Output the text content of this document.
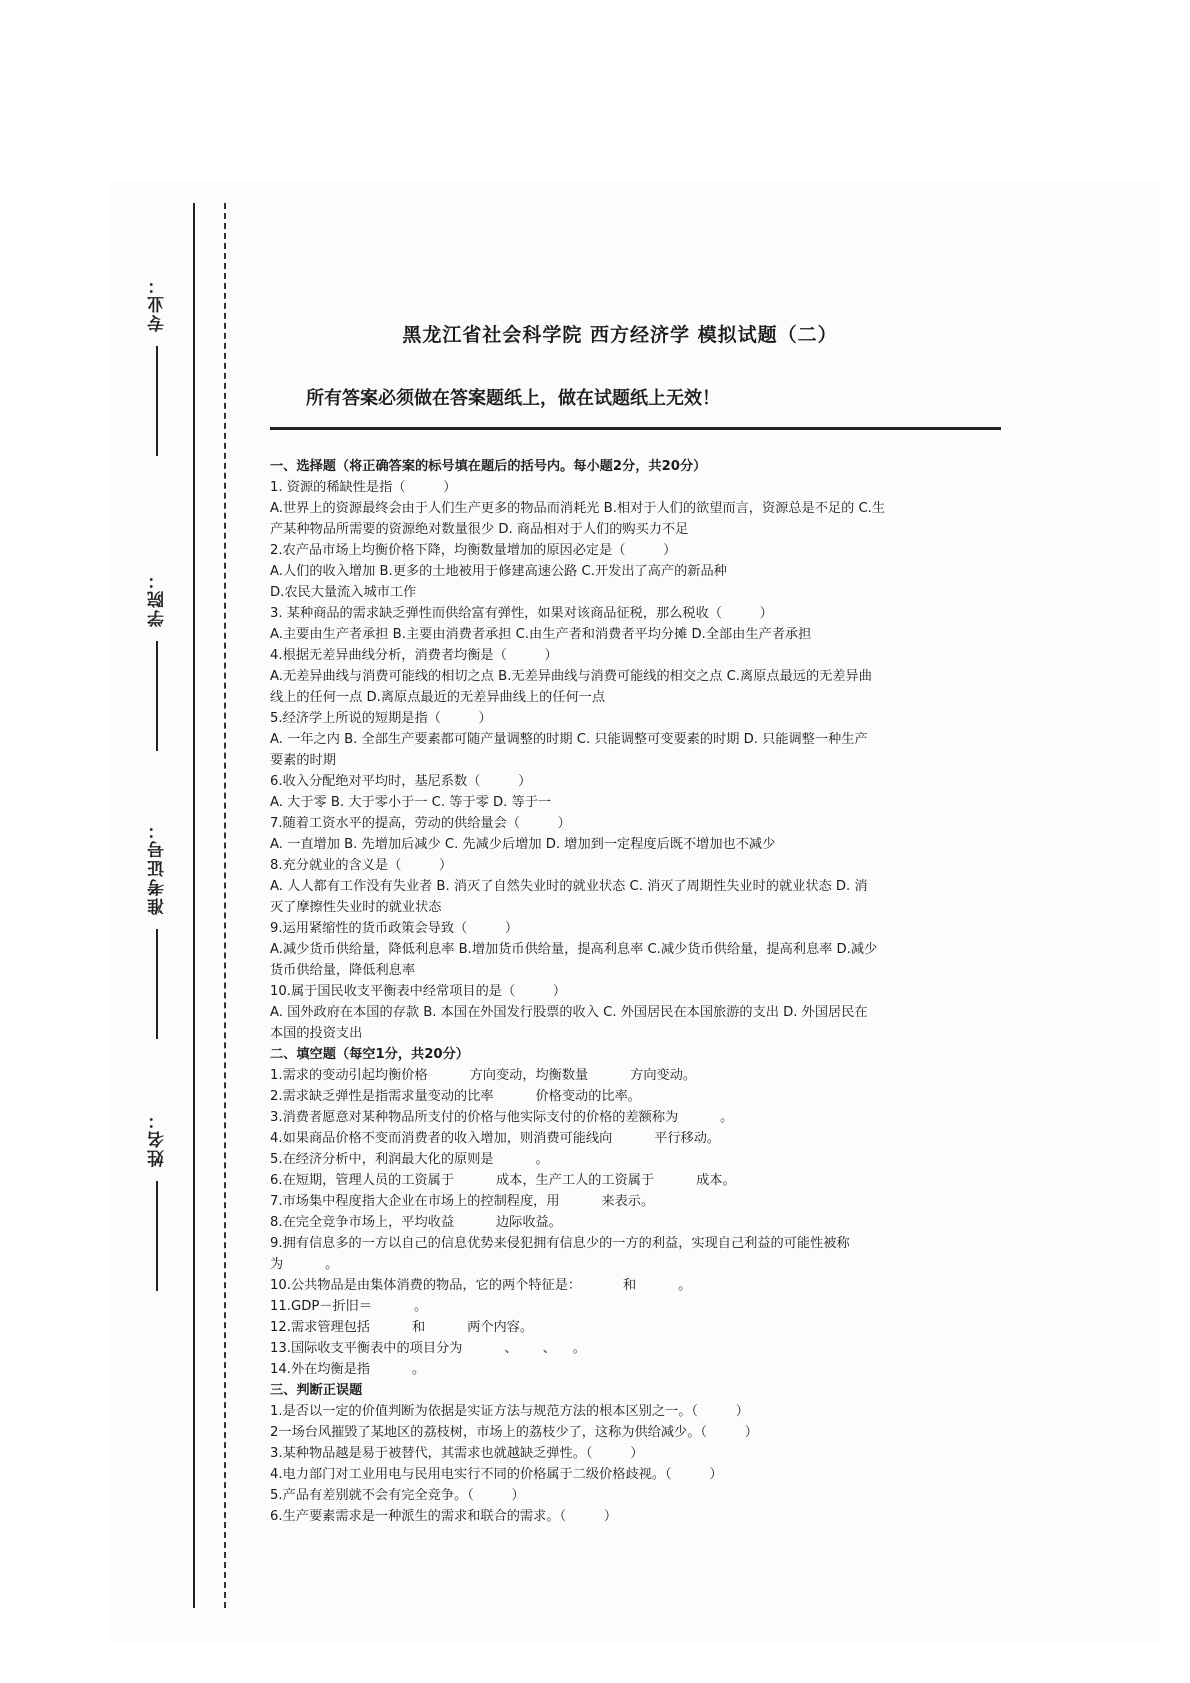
专业：
学院：
准考证号：
姓名：
黑龙江省社会科学院 西方经济学 模拟试题（二）
所有答案必须做在答案题纸上，做在试题纸上无效！
一、选择题（将正确答案的标号填在题后的括号内。每小题2分，共20分）
1. 资源的稀缺性是指（         ）
A.世界上的资源最终会由于人们生产更多的物品而消耗光 B.相对于人们的欲望而言，资源总是不足的 C.生
产某种物品所需要的资源绝对数量很少 D. 商品相对于人们的购买力不足
2.农产品市场上均衡价格下降，均衡数量增加的原因必定是（         ）
A.人们的收入增加 B.更多的土地被用于修建高速公路 C.开发出了高产的新品种
D.农民大量流入城市工作
3. 某种商品的需求缺乏弹性而供给富有弹性，如果对该商品征税，那么税收（         ）
A.主要由生产者承担 B.主要由消费者承担 C.由生产者和消费者平均分摊 D.全部由生产者承担
4.根据无差异曲线分析，消费者均衡是（         ）
A.无差异曲线与消费可能线的相切之点 B.无差异曲线与消费可能线的相交之点 C.离原点最远的无差异曲
线上的任何一点 D.离原点最近的无差异曲线上的任何一点
5.经济学上所说的短期是指（         ）
A. 一年之内 B. 全部生产要素都可随产量调整的时期 C. 只能调整可变要素的时期 D. 只能调整一种生产
要素的时期
6.收入分配绝对平均时，基尼系数（         ）
A. 大于零 B. 大于零小于一 C. 等于零 D. 等于一
7.随着工资水平的提高，劳动的供给量会（         ）
A. 一直增加 B. 先增加后减少 C. 先减少后增加 D. 增加到一定程度后既不增加也不减少
8.充分就业的含义是（         ）
A. 人人都有工作没有失业者 B. 消灭了自然失业时的就业状态 C. 消灭了周期性失业时的就业状态 D. 消
灭了摩擦性失业时的就业状态
9.运用紧缩性的货币政策会导致（         ）
A.减少货币供给量，降低利息率 B.增加货币供给量，提高利息率 C.减少货币供给量，提高利息率 D.减少
货币供给量，降低利息率
10.属于国民收支平衡表中经常项目的是（         ）
A. 国外政府在本国的存款 B. 本国在外国发行股票的收入 C. 外国居民在本国旅游的支出 D. 外国居民在
本国的投资支出
二、填空题（每空1分，共20分）
1.需求的变动引起均衡价格          方向变动，均衡数量          方向变动。
2.需求缺乏弹性是指需求量变动的比率          价格变动的比率。
3.消费者愿意对某种物品所支付的价格与他实际支付的价格的差额称为          。
4.如果商品价格不变而消费者的收入增加，则消费可能线向          平行移动。
5.在经济分析中，利润最大化的原则是          。
6.在短期，管理人员的工资属于          成本，生产工人的工资属于          成本。
7.市场集中程度指大企业在市场上的控制程度，用          来表示。
8.在完全竞争市场上，平均收益          边际收益。
9.拥有信息多的一方以自己的信息优势来侵犯拥有信息少的一方的利益，实现自己利益的可能性被称
为          。
10.公共物品是由集体消费的物品，它的两个特征是：          和          。
11.GDP－折旧＝          。
12.需求管理包括          和          两个内容。
13.国际收支平衡表中的项目分为          、      、    。
14.外在均衡是指          。
三、判断正误题
1.是否以一定的价值判断为依据是实证方法与规范方法的根本区别之一。（         ）
2一场台风摧毁了某地区的荔枝树，市场上的荔枝少了，这称为供给减少。（         ）
3.某种物品越是易于被替代，其需求也就越缺乏弹性。（         ）
4.电力部门对工业用电与民用电实行不同的价格属于二级价格歧视。（         ）
5.产品有差别就不会有完全竞争。（         ）
6.生产要素需求是一种派生的需求和联合的需求。（         ）
